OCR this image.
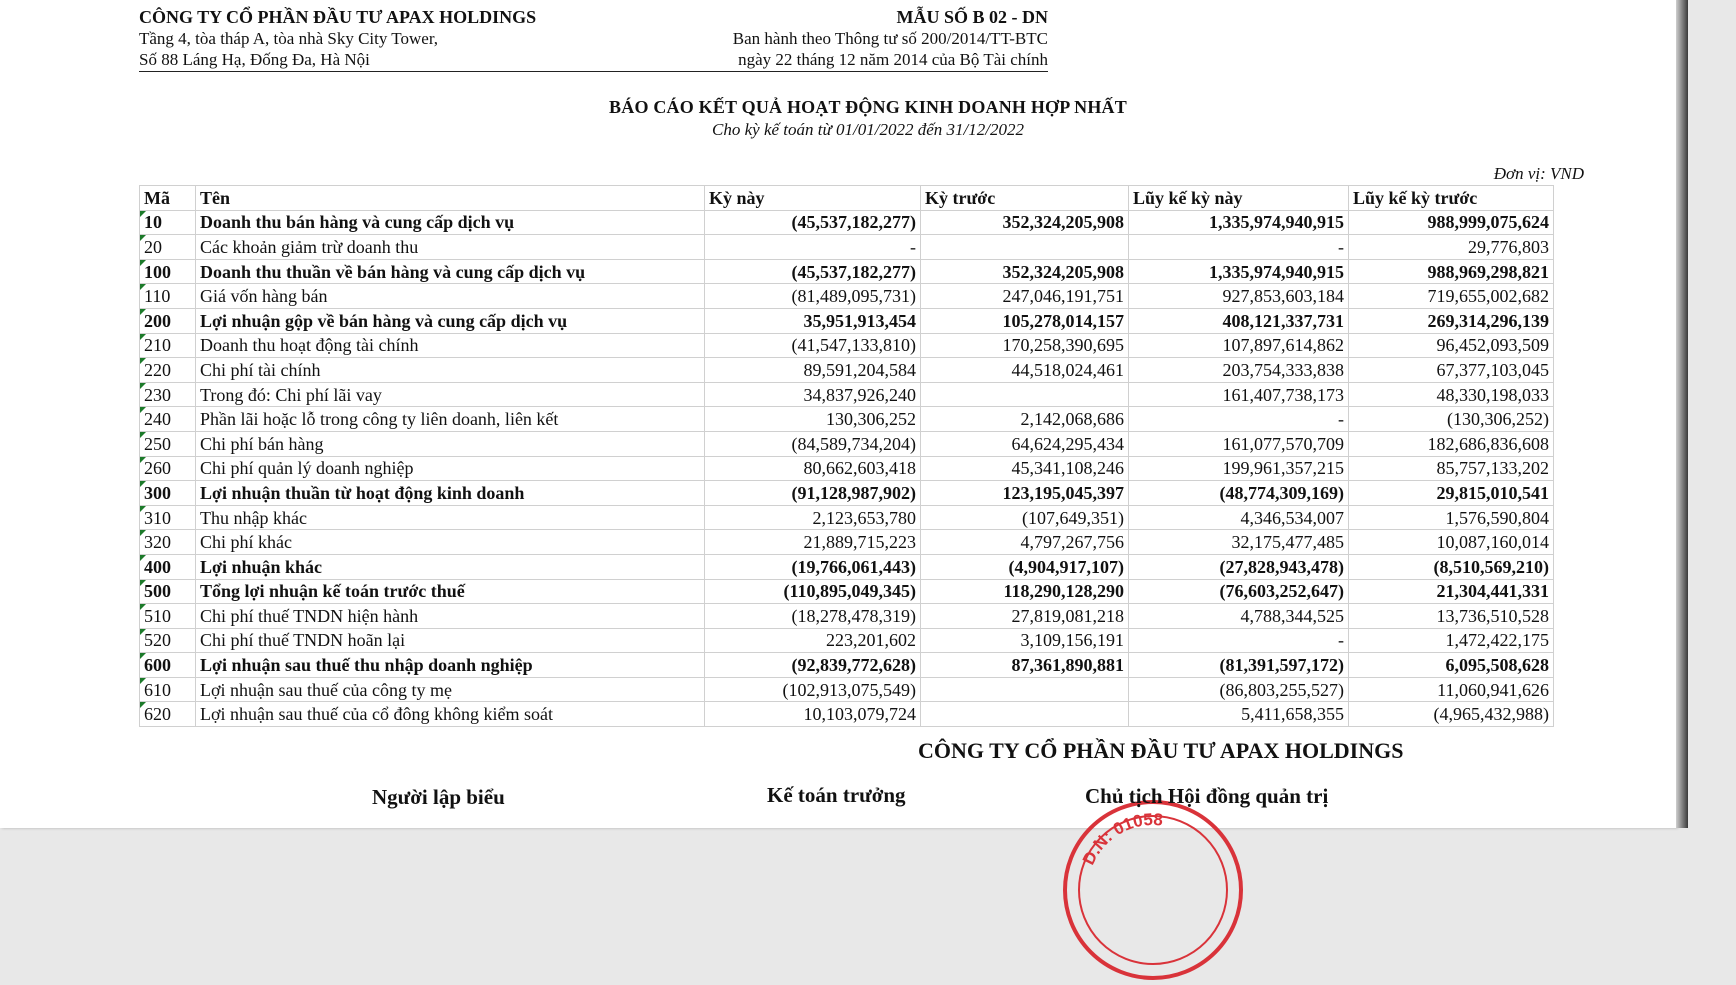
CÔNG TY CỔ PHẦN ĐẦU TƯ APAX HOLDINGS
Tầng 4, tòa tháp A, tòa nhà Sky City Tower,
Số 88 Láng Hạ, Đống Đa, Hà Nội
MẪU SỐ B 02 - DN
Ban hành theo Thông tư số 200/2014/TT-BTC
ngày 22 tháng 12 năm 2014 của Bộ Tài chính
BÁO CÁO KẾT QUẢ HOẠT ĐỘNG KINH DOANH HỢP NHẤT
Cho kỳ kế toán từ 01/01/2022 đến 31/12/2022
Đơn vị: VND
Mã	Tên	Kỳ này	Kỳ trước	Lũy kế kỳ này	Lũy kế kỳ trước

10	Doanh thu bán hàng và cung cấp dịch vụ	(45,537,182,277)	352,324,205,908	1,335,974,940,915	988,999,075,624

20	Các khoản giảm trừ doanh thu	-		-	29,776,803

100	Doanh thu thuần về bán hàng và cung cấp dịch vụ	(45,537,182,277)	352,324,205,908	1,335,974,940,915	988,969,298,821

110	Giá vốn hàng bán	(81,489,095,731)	247,046,191,751	927,853,603,184	719,655,002,682

200	Lợi nhuận gộp về bán hàng và cung cấp dịch vụ	35,951,913,454	105,278,014,157	408,121,337,731	269,314,296,139

210	Doanh thu hoạt động tài chính	(41,547,133,810)	170,258,390,695	107,897,614,862	96,452,093,509

220	Chi phí tài chính	89,591,204,584	44,518,024,461	203,754,333,838	67,377,103,045

230	Trong đó: Chi phí lãi vay	34,837,926,240		161,407,738,173	48,330,198,033

240	Phần lãi hoặc lỗ trong công ty liên doanh, liên kết	130,306,252	2,142,068,686	-	(130,306,252)

250	Chi phí bán hàng	(84,589,734,204)	64,624,295,434	161,077,570,709	182,686,836,608

260	Chi phí quản lý doanh nghiệp	80,662,603,418	45,341,108,246	199,961,357,215	85,757,133,202

300	Lợi nhuận thuần từ hoạt động kinh doanh	(91,128,987,902)	123,195,045,397	(48,774,309,169)	29,815,010,541

310	Thu nhập khác	2,123,653,780	(107,649,351)	4,346,534,007	1,576,590,804

320	Chi phí khác	21,889,715,223	4,797,267,756	32,175,477,485	10,087,160,014

400	Lợi nhuận khác	(19,766,061,443)	(4,904,917,107)	(27,828,943,478)	(8,510,569,210)

500	Tổng lợi nhuận kế toán trước thuế	(110,895,049,345)	118,290,128,290	(76,603,252,647)	21,304,441,331

510	Chi phí thuế TNDN hiện hành	(18,278,478,319)	27,819,081,218	4,788,344,525	13,736,510,528

520	Chi phí thuế TNDN hoãn lại	223,201,602	3,109,156,191	-	1,472,422,175

600	Lợi nhuận sau thuế thu nhập doanh nghiệp	(92,839,772,628)	87,361,890,881	(81,391,597,172)	6,095,508,628

610	Lợi nhuận sau thuế của công ty mẹ	(102,913,075,549)		(86,803,255,527)	11,060,941,626

620	Lợi nhuận sau thuế của cổ đông không kiểm soát	10,103,079,724		5,411,658,355	(4,965,432,988)
D.N: 01058
CÔNG TY CỔ PHẦN ĐẦU TƯ APAX HOLDINGS
Người lập biểu	Kế toán trưởng	Chủ tịch Hội đồng quản trị
